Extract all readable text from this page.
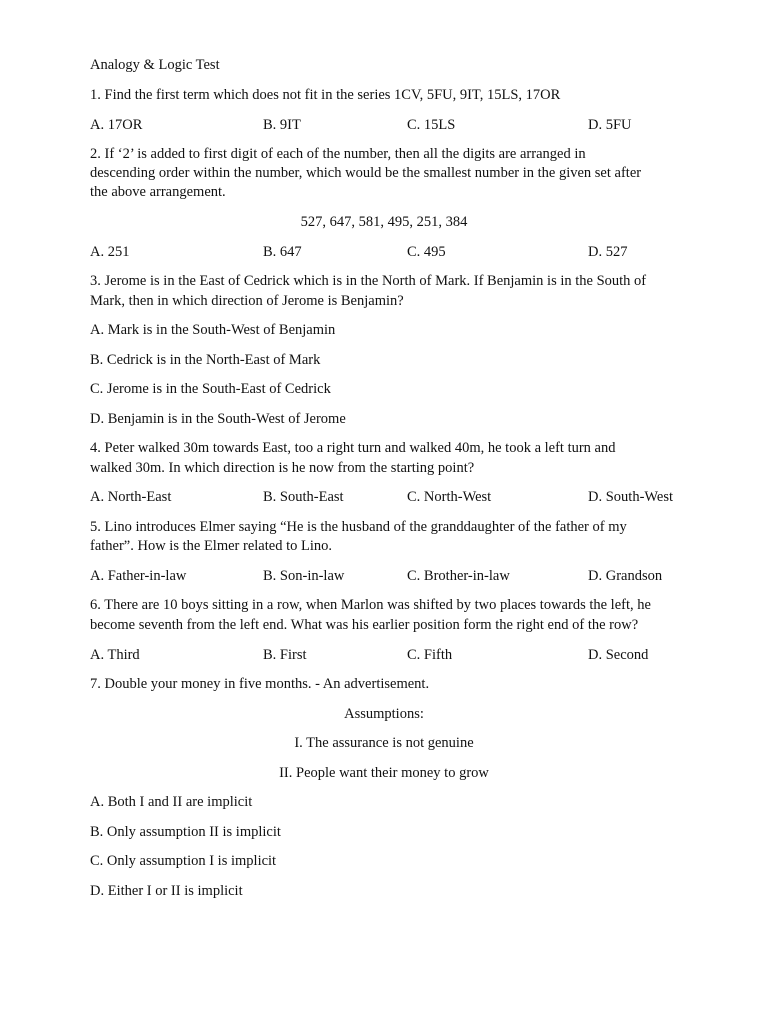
Analogy & Logic Test
1. Find the first term which does not fit in the series 1CV, 5FU, 9IT, 15LS, 17OR
A. 17OR	B. 9IT	C. 15LS	D. 5FU
2. If ‘2’ is added to first digit of each of the number, then all the digits are arranged in
descending order within the number, which would be the smallest number in the given set after
the above arrangement.
527, 647, 581, 495, 251, 384
A. 251	B. 647	C. 495	D. 527
3. Jerome is in the East of Cedrick which is in the North of Mark. If Benjamin is in the South of
Mark, then in which direction of Jerome is Benjamin?
A. Mark is in the South-West of Benjamin
B. Cedrick is in the North-East of Mark
C. Jerome is in the South-East of Cedrick
D. Benjamin is in the South-West of Jerome
4. Peter walked 30m towards East, too a right turn and walked 40m, he took a left turn and
walked 30m. In which direction is he now from the starting point?
A. North-East	B. South-East	C. North-West	D. South-West
5. Lino introduces Elmer saying “He is the husband of the granddaughter of the father of my
father”. How is the Elmer related to Lino.
A. Father-in-law	B. Son-in-law	C. Brother-in-law	D. Grandson
6. There are 10 boys sitting in a row, when Marlon was shifted by two places towards the left, he
become seventh from the left end. What was his earlier position form the right end of the row?
A. Third	B. First	C. Fifth	D. Second
7. Double your money in five months. - An advertisement.
Assumptions:
I. The assurance is not genuine
II. People want their money to grow
A. Both I and II are implicit
B. Only assumption II is implicit
C. Only assumption I is implicit
D. Either I or II is implicit
